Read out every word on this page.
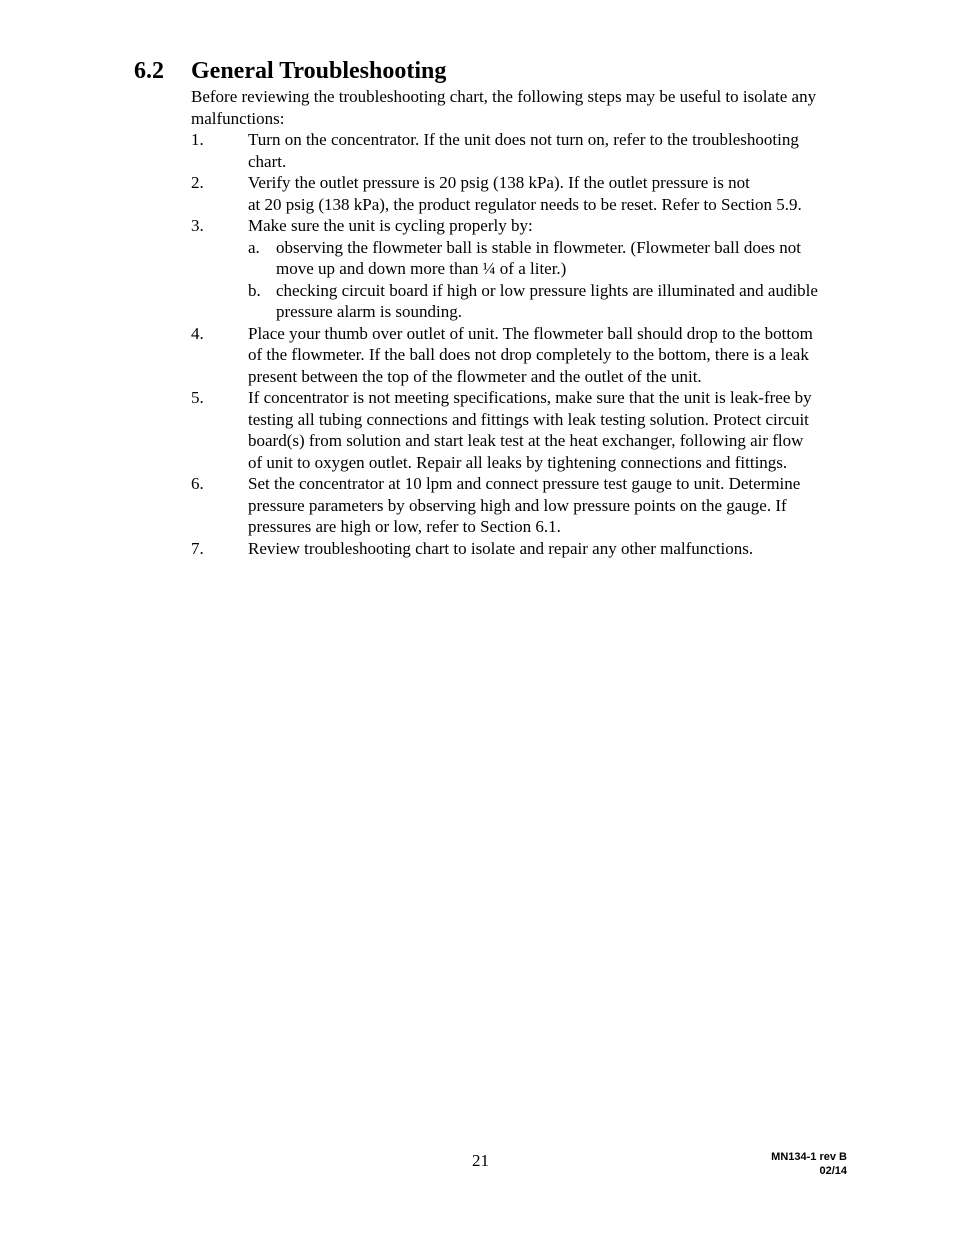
6.2 General Troubleshooting
Before reviewing the troubleshooting chart, the following steps may be useful to isolate any malfunctions:
1.	Turn on the concentrator. If the unit does not turn on, refer to the troubleshooting
chart.
2.	Verify the outlet pressure is 20 psig (138 kPa). If the outlet pressure is not
at 20 psig (138 kPa), the product regulator needs to be reset. Refer to Section 5.9.
3.	Make sure the unit is cycling properly by:
a. observing the flowmeter ball is stable in flowmeter. (Flowmeter ball does not
move up and down more than ¼ of a liter.)
b. checking circuit board if high or low pressure lights are illuminated and audible
pressure alarm is sounding.
4.	Place your thumb over outlet of unit. The flowmeter ball should drop to the bottom
of the flowmeter. If the ball does not drop completely to the bottom, there is a leak
present between the top of the flowmeter and the outlet of the unit.
5.	If concentrator is not meeting specifications, make sure that the unit is leak-free by
testing all tubing connections and fittings with leak testing solution. Protect circuit
board(s) from solution and start leak test at the heat exchanger, following air flow
of unit to oxygen outlet. Repair all leaks by tightening connections and fittings.
6.	Set the concentrator at 10 lpm and connect pressure test gauge to unit. Determine
pressure parameters by observing high and low pressure points on the gauge. If
pressures are high or low, refer to Section 6.1.
7.	Review troubleshooting chart to isolate and repair any other malfunctions.
21	MN134-1 rev B
02/14
